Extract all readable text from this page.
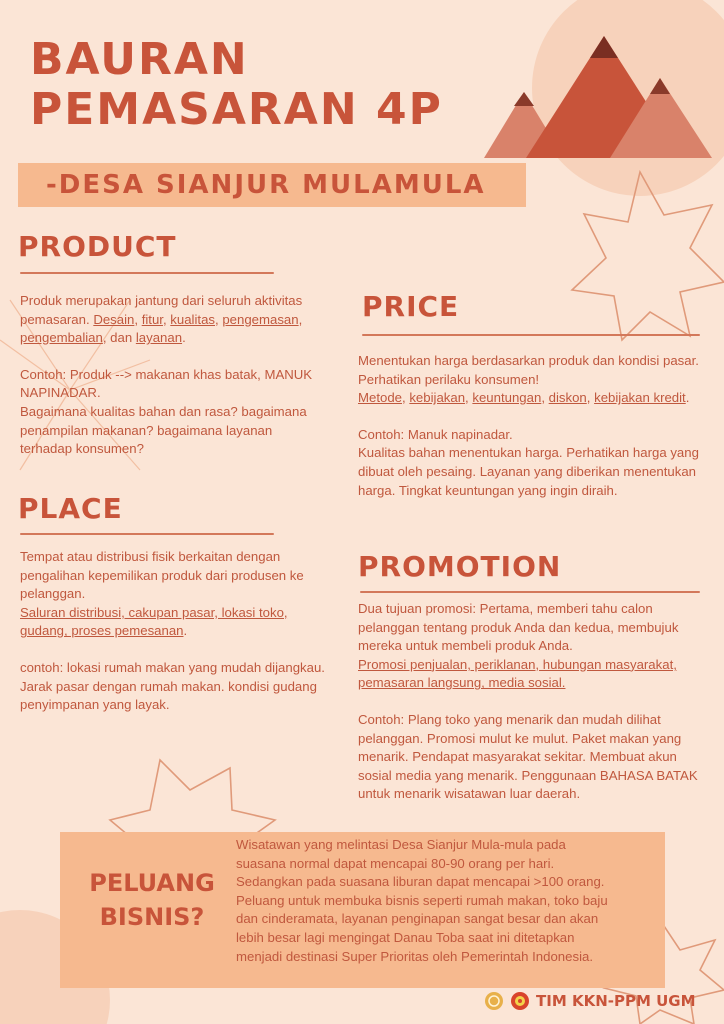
BAURAN
PEMASARAN 4P
-DESA SIANJUR MULAMULA
PRODUCT

Produk merupakan jantung dari seluruh aktivitas pemasaran. Desain, fitur, kualitas, pengemasan, pengembalian, dan layanan.

Contoh: Produk --> makanan khas batak, MANUK NAPINADAR.

Bagaimana kualitas bahan dan rasa? bagaimana penampilan makanan? bagaimana layanan terhadap konsumen?

PLACE

Tempat atau distribusi fisik berkaitan dengan pengalihan kepemilikan produk dari produsen ke pelanggan.

Saluran distribusi, cakupan pasar, lokasi toko, gudang, proses pemesanan.

contoh: lokasi rumah makan yang mudah dijangkau. Jarak pasar dengan rumah makan. kondisi gudang penyimpanan yang layak.

PRICE

Menentukan harga berdasarkan produk dan kondisi pasar. Perhatikan perilaku konsumen!

Metode, kebijakan, keuntungan, diskon, kebijakan kredit.

Contoh: Manuk napinadar.

Kualitas bahan menentukan harga. Perhatikan harga yang dibuat oleh pesaing. Layanan yang diberikan menentukan harga. Tingkat keuntungan yang ingin diraih.

PROMOTION

Dua tujuan promosi: Pertama, memberi tahu calon pelanggan tentang produk Anda dan kedua, membujuk mereka untuk membeli produk Anda.

Promosi penjualan, periklanan, hubungan masyarakat, pemasaran langsung, media sosial.

Contoh: Plang toko yang menarik dan mudah dilihat pelanggan. Promosi mulut ke mulut. Paket makan yang menarik. Pendapat masyarakat sekitar. Membuat akun sosial media yang menarik. Penggunaan BAHASA BATAK untuk menarik wisatawan luar daerah.

PELUANG
BISNIS?

Wisatawan yang melintasi Desa Sianjur Mula-mula pada suasana normal dapat mencapai 80-90 orang per hari. Sedangkan pada suasana liburan dapat mencapai >100 orang. Peluang untuk membuka bisnis seperti rumah makan, toko baju dan cinderamata, layanan penginapan sangat besar dan akan lebih besar lagi mengingat Danau Toba saat ini ditetapkan menjadi destinasi Super Prioritas oleh Pemerintah Indonesia.

TIM KKN-PPM UGM
